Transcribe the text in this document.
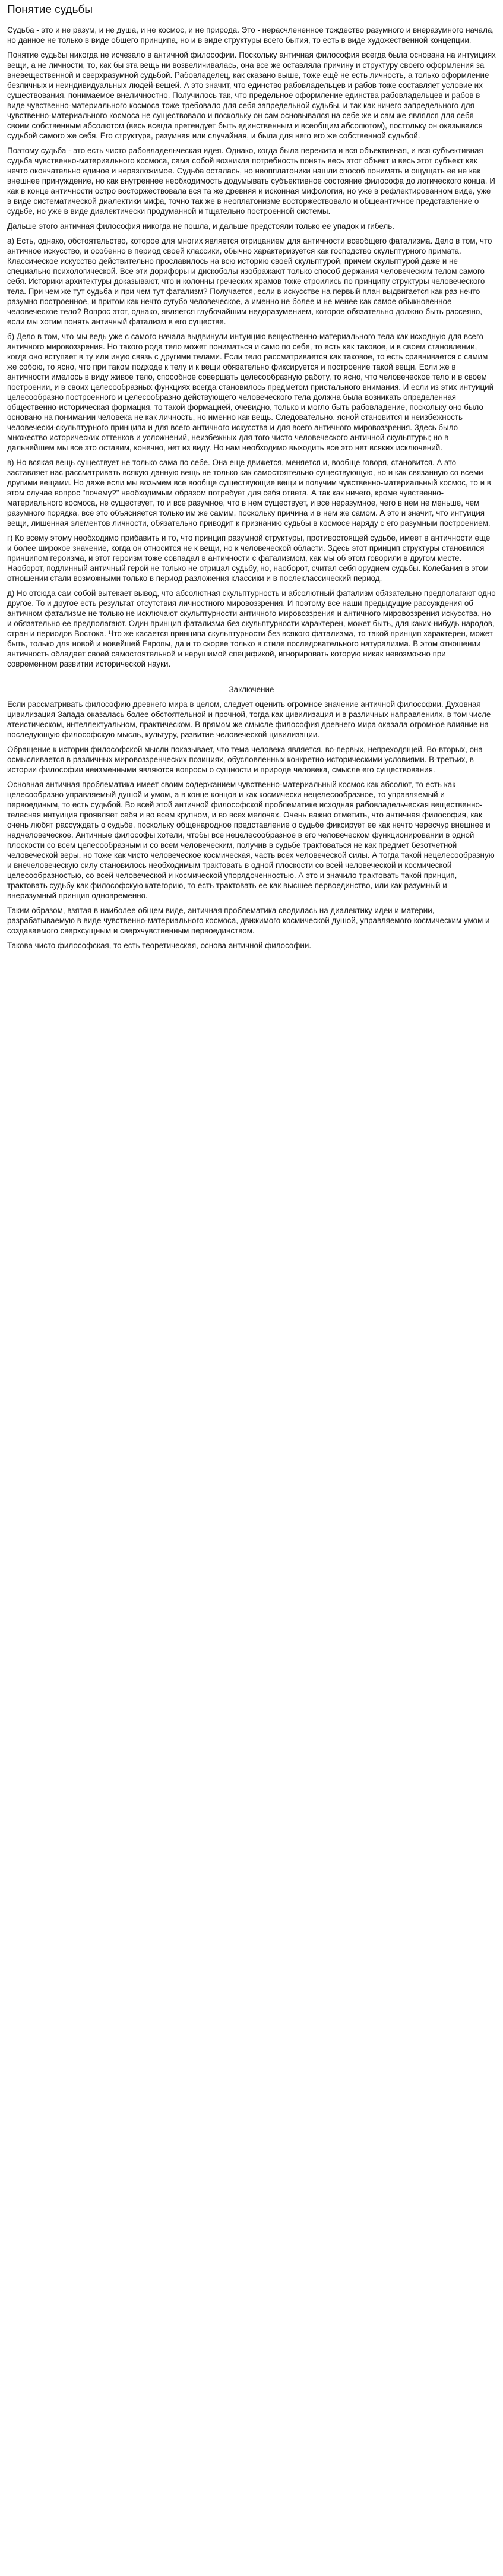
Понятие судьбы

Судьба - это и не разум, и не душа, и не космос, и не природа. Это - нерасчлененное тождество разумного и внеразумного начала, но данное не только в виде общего принципа, но и в виде структуры всего бытия, то есть в виде художественной концепции.

Понятие судьбы никогда не исчезало в античной философии. Поскольку античная философия всегда была основана на интуициях вещи, а не личности, то, как бы эта вещь ни возвеличивалась, она все же оставляла причину и структуру своего оформления за вневещественной и сверхразумной судьбой. Рабовладелец, как сказано выше, тоже ещё не есть личность, а только оформление безличных и неиндивидуальных людей-вещей. А это значит, что единство рабовладельцев и рабов тоже составляет условие их существования, понимаемое внеличностно. Получилось так, что предельное оформление единства рабовладельцев и рабов в виде чувственно-материального космоса тоже требовало для себя запредельной судьбы, и так как ничего запредельного для чувственно-материального космоса не существовало и поскольку он сам основывался на себе же и сам же являлся для себя своим собственным абсолютом (весь всегда претендует быть единственным и всеобщим абсолютом), постольку он оказывался судьбой самого же себя. Его структура, разумная или случайная, и была для него его же собственной судьбой.

Поэтому судьба - это есть чисто рабовладельческая идея. Однако, когда была пережита и вся объективная, и вся субъективная судьба чувственно-материального космоса, сама собой возникла потребность понять весь этот объект и весь этот субъект как нечто окончательно единое и неразложимое. Судьба осталась, но неопплатоники нашли способ понимать и ощущать ее не как внешнее принуждение, но как внутреннее необходимость додумывать субъективное состояние философа до логического конца. И как в конце античности остро восторжествовала вся та же древняя и исконная мифология, но уже в рефлектированном виде, уже в виде систематической диалектики мифа, точно так же в неоплатонизме восторжествовало и общеантичное представление о судьбе, но уже в виде диалектически продуманной и тщательно построенной системы.

Дальше этого античная философия никогда не пошла, и дальше предстояли только ее упадок и гибель.

а) Есть, однако, обстоятельство, которое для многих является отрицанием для античности всеобщего фатализма. Дело в том, что античное искусство, и особенно в период своей классики, обычно характеризуется как господство скульптурного примата. Классическое искусство действительно прославилось на всю историю своей скульптурой, причем скульптурой даже и не специально психологической. Все эти дорифоры и дискоболы изображают только способ держания человеческим телом самого себя. Историки архитектуры доказывают, что и колонны греческих храмов тоже строились по принципу структуры человеческого тела. При чем же тут судьба и при чем тут фатализм? Получается, если в искусстве на первый план выдвигается как раз нечто разумно построенное, и притом как нечто сугубо человеческое, а именно не более и не менее как самое обыкновенное человеческое тело? Вопрос этот, однако, является глубочайшим недоразумением, которое обязательно должно быть рассеяно, если мы хотим понять античный фатализм в его существе.

б) Дело в том, что мы ведь уже с самого начала выдвинули интуицию вещественно-материального тела как исходную для всего античного мировоззрения. Но такого рода тело может пониматься и само по себе, то есть как таковое, и в своем становлении, когда оно вступает в ту или иную связь с другими телами. Если тело рассматривается как таковое, то есть сравнивается с самим же собою, то ясно, что при таком подходе к телу и к вещи обязательно фиксируется и построение такой вещи. Если же в античности имелось в виду живое тело, способное совершать целесообразную работу, то ясно, что человеческое тело и в своем построении, и в своих целесообразных функциях всегда становилось предметом пристального внимания. И если из этих интуиций целесообразно построенного и целесообразно действующего человеческого тела должна была возникать определенная общественно-историческая формация, то такой формацией, очевидно, только и могло быть рабовладение, поскольку оно было основано на понимании человека не как личность, но именно как вещь. Следовательно, ясной становится и неизбежность человечески-скульптурного принципа и для всего античного искусства и для всего античного мировоззрения. Здесь было множество исторических оттенков и усложнений, неизбежных для того чисто человеческого античной скульптуры; но в дальнейшем мы все это оставим, конечно, нет из виду. Но нам необходимо выходить все это нет всяких исключений.

в) Но всякая вещь существует не только сама по себе. Она еще движется, меняется и, вообще говоря, становится. А это заставляет нас рассматривать всякую данную вещь не только как самостоятельно существующую, но и как связанную со всеми другими вещами. Но даже если мы возьмем все вообще существующие вещи и получим чувственно-материальный космос, то и в этом случае вопрос "почему?" необходимым образом потребует для себя ответа. А так как ничего, кроме чувственно-материального космоса, не существует, то и все разумное, что в нем существует, и все неразумное, чего в нем не меньше, чем разумного порядка, все это объясняется только им же самим, поскольку причина и в нем же самом. А это и значит, что интуиция вещи, лишенная элементов личности, обязательно приводит к признанию судьбы в космосе наряду с его разумным построением.

г) Ко всему этому необходимо прибавить и то, что принцип разумной структуры, противостоящей судьбе, имеет в античности еще и более широкое значение, когда он относится не к вещи, но к человеческой области. Здесь этот принцип структуры становился принципом героизма, и этот героизм тоже совпадал в античности с фатализмом, как мы об этом говорили в другом месте. Наоборот, подлинный античный герой не только не отрицал судьбу, но, наоборот, считал себя орудием судьбы. Колебания в этом отношении стали возможными только в период разложения классики и в послеклассический период.

д) Но отсюда сам собой вытекает вывод, что абсолютная скульптурность и абсолютный фатализм обязательно предполагают одно другое. То и другое есть результат отсутствия личностного мировоззрения. И поэтому все наши предыдущие рассуждения об античном фатализме не только не исключают скульптурности античного мировоззрения и античного мировоззрения искусства, но и обязательно ее предполагают. Один принцип фатализма без скульптурности характерен, может быть, для каких-нибудь народов, стран и периодов Востока. Что же касается принципа скульптурности без всякого фатализма, то такой принцип характерен, может быть, только для новой и новейшей Европы, да и то скорее только в стиле последовательного натурализма. В этом отношении античность обладает своей самостоятельной и нерушимой спецификой, игнорировать которую никак невозможно при современном развитии исторической науки.

Заключение

Если рассматривать философию древнего мира в целом, следует оценить огромное значение античной философии. Духовная цивилизация Запада оказалась более обстоятельной и прочной, тогда как цивилизация и в различных направлениях, в том числе атеистическом, интеллектуальном, практическом. В прямом же смысле философия древнего мира оказала огромное влияние на последующую философскую мысль, культуру, развитие человеческой цивилизации.

Обращение к истории философской мысли показывает, что тема человека является, во-первых, непреходящей. Во-вторых, она осмысливается в различных мировоззренческих позициях, обусловленных конкретно-историческими условиями. В-третьих, в истории философии неизменными являются вопросы о сущности и природе человека, смысле его существования.

Основная античная проблематика имеет своим содержанием чувственно-материальный космос как абсолют, то есть как целесообразно управляемый душой и умом, а в конце концов и как космически нецелесообразное, то управляемый и первоединым, то есть судьбой. Во всей этой античной философской проблематике исходная рабовладельческая вещественно-телесная интуиция проявляет себя и во всем крупном, и во всех мелочах. Очень важно отметить, что античная философия, как очень любят рассуждать о судьбе, поскольку общенародное представление о судьбе фиксирует ее как нечто чересчур внешнее и надчеловеческое. Античные философы хотели, чтобы все нецелесообразное в его человеческом функционировании в одной плоскости со всем целесообразным и со всем человеческим, получив в судьбе трактоваться не как предмет безотчетной человеческой веры, но тоже как чисто человеческое космическая, часть всех человеческой силы. А тогда такой нецелесообразную и внечеловеческую силу становилось необходимым трактовать в одной плоскости со всей человеческой и космической целесообразностью, со всей человеческой и космической упорядоченностью. А это и значило трактовать такой принцип, трактовать судьбу как философскую категорию, то есть трактовать ее как высшее первоединство, или как разумный и внеразумный принцип одновременно.

Таким образом, взятая в наиболее общем виде, античная проблематика сводилась на диалектику идеи и материи, разрабатываемую в виде чувственно-материального космоса, движимого космической душой, управляемого космическим умом и создаваемого сверхсущным и сверхчувственным первоединством.

Такова чисто философская, то есть теоретическая, основа античной философии.
